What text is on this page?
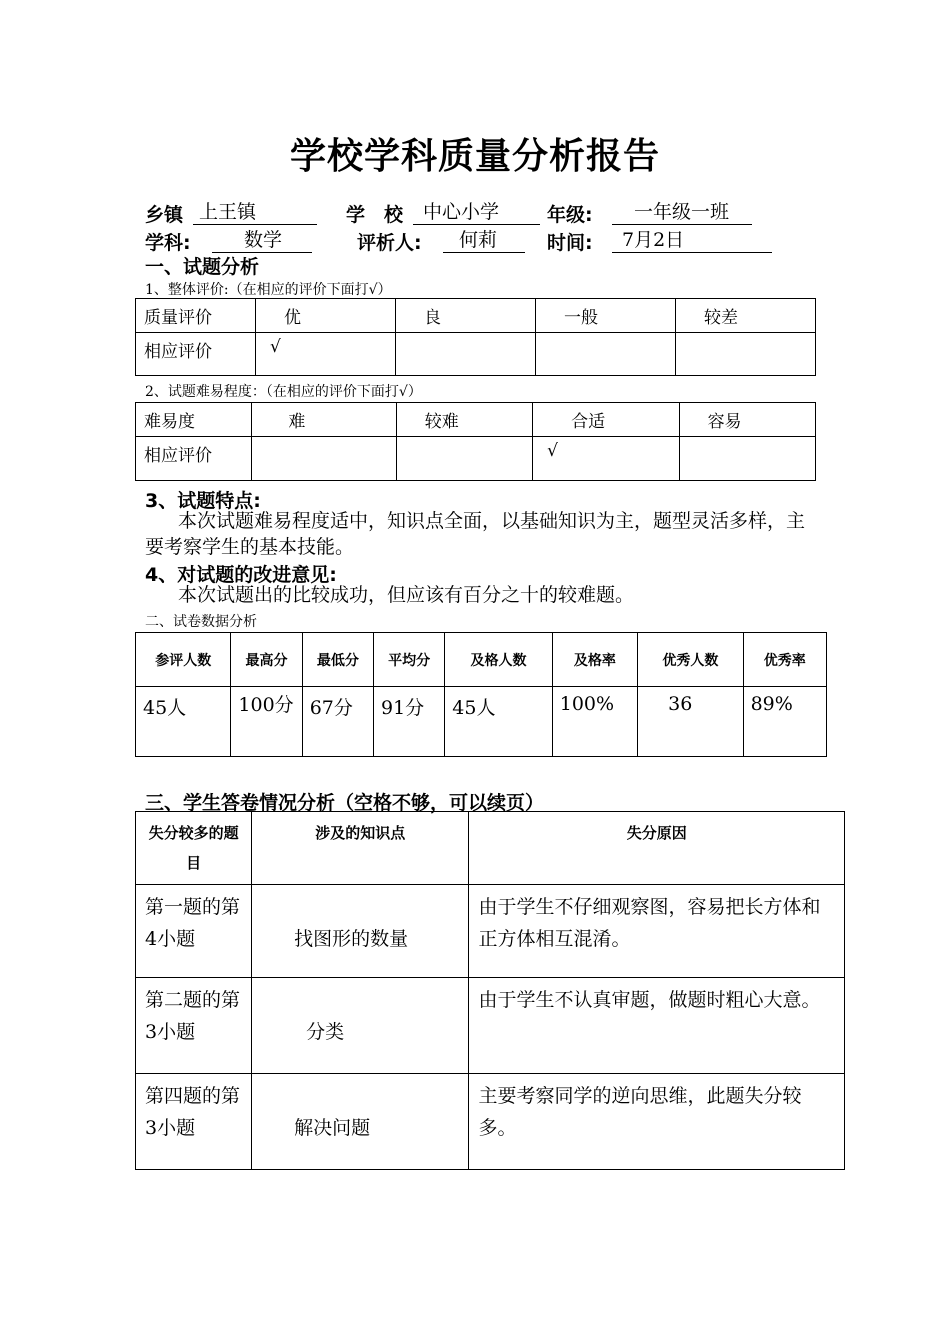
学校学科质量分析报告
乡镇 上王镇	学　校	中心小学	年级:	一年级一班
学科:	数学	评析人:	何莉	时间:	7月2日
一、试题分析
1、整体评价:（在相应的评价下面打√）
质量评价	优	良	一般	较差
相应评价	√			
2、试题难易程度：（在相应的评价下面打√）
难易度	难	较难	合适	容易
相应评价			√	
3、试题特点:
本次试题难易程度适中，知识点全面，以基础知识为主，题型灵活多样，主要考察学生的基本技能。
4、对试题的改进意见:
本次试题出的比较成功，但应该有百分之十的较难题。
二、试卷数据分析
参评人数	最高分	最低分	平均分	及格人数	及格率	优秀人数	优秀率
45人	100分	67分	91分	45人	100%	36	89%
三、学生答卷情况分析（空格不够，可以续页）
失分较多的题目	涉及的知识点	失分原因
第一题的第4小题	找图形的数量	由于学生不仔细观察图，容易把长方体和正方体相互混淆。
第二题的第3小题	分类	由于学生不认真审题，做题时粗心大意。
第四题的第3小题	解决问题	主要考察同学的逆向思维，此题失分较多。
